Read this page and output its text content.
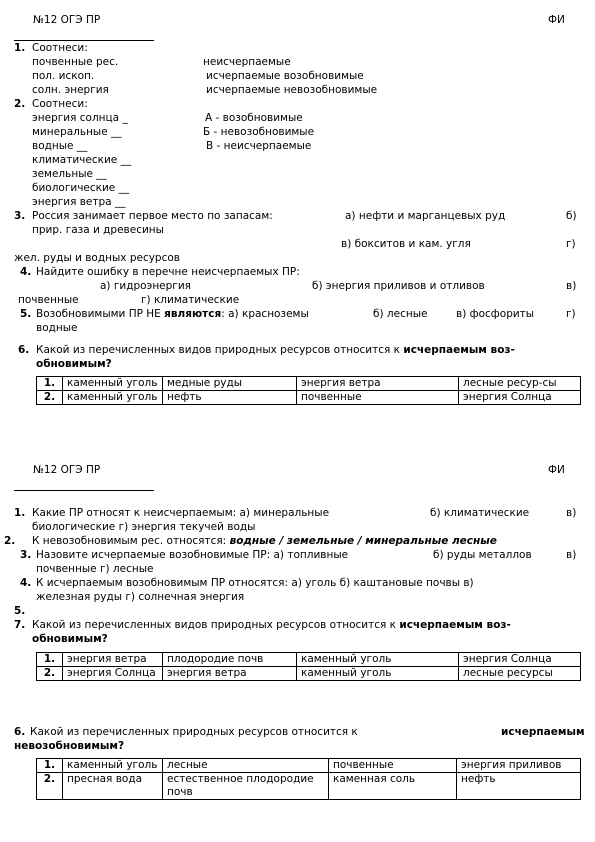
№12 ОГЭ ПР	ФИ
1. Соотнеси:
почвенные рес.	неисчерпаемые
пол. ископ.	исчерпаемые возобновимые
солн. энергия	исчерпаемые невозобновимые
2. Соотнеси:
энергия солнца _
минеральные __
водные __
климатические __
земельные __
биологические __
энергия ветра __
А - возобновимые
Б - невозобновимые
В - неисчерпаемые
3. Россия занимает первое место по запасам:	а) нефти и марганцевых руд	б)
прир. газа и древесины
в) бокситов и кам. угля	г)
жел. руды и водных ресурсов
4. Найдите ошибку в перечне неисчерпаемых ПР:
а) гидроэнергия	б) энергия приливов и отливов	в)
почвенные	г) климатические
5. Возобновимыми ПР НЕ являются: а) красноземы	б) лесные	в) фосфориты	г)
водные
6. Какой из перечисленных видов природных ресурсов относится к исчерпаемым воз-
обновимым?
1.	каменный уголь	медные руды	энергия ветра	лесные ресур-сы
2.	каменный уголь	нефть	почвенные	энергия Солнца
№12 ОГЭ ПР	ФИ
1. Какие ПР относят к неисчерпаемым: а) минеральные	б) климатические	в)
биологические г) энергия текучей воды
2. К невозобновимым рес. относятся: водные / земельные / минеральные лесные
3. Назовите исчерпаемые возобновимые ПР: а) топливные	б) руды металлов	в)
почвенные г) лесные
4. К исчерпаемым возобновимым ПР относятся: а) уголь б) каштановые почвы в)
железная руды г) солнечная энергия
5.
7. Какой из перечисленных видов природных ресурсов относится к исчерпаемым воз-
обновимым?
1.	энергия ветра	плодородие почв	каменный уголь	энергия Солнца
2.	энергия Солнца	энергия ветра	каменный уголь	лесные ресурсы
6. Какой из перечисленных природных ресурсов относится к	исчерпаемым
невозобновимым?
1.	каменный уголь	лесные	почвенные	энергия приливов
2.	пресная вода	естественное плодородие почв	каменная соль	нефть
